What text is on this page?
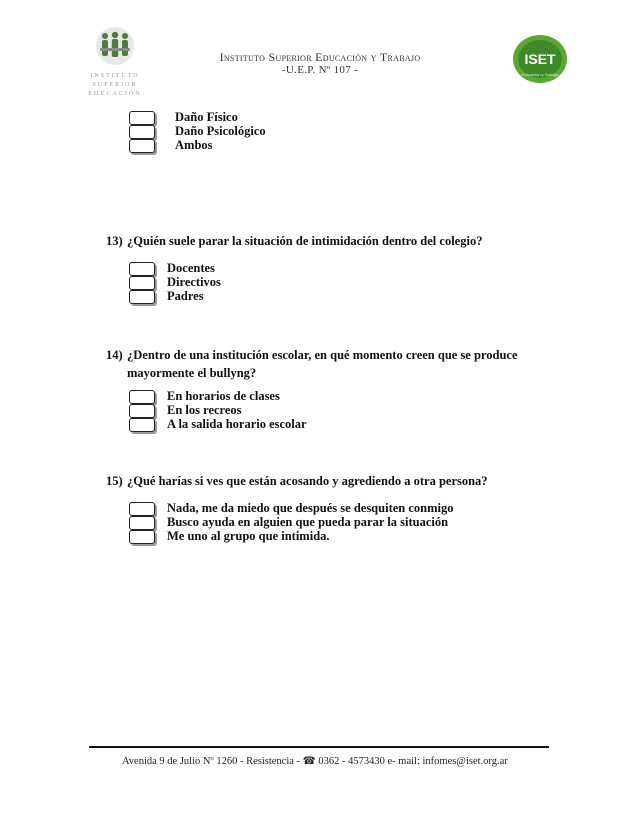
INSTITUTO
SUPERIOR
EDUCACIÓN
Instituto Superior Educación y Trabajo
-U.E.P. Nº 107 -
ISET
Educación y Trabajo
Daño Físico
Daño Psicológico
Ambos
13) ¿Quién suele parar la situación de intimidación dentro del colegio?
Docentes
Directivos
Padres
14) ¿Dentro de una institución escolar, en qué momento creen que se produce
mayormente el bullyng?
En horarios de clases
En los recreos
A la salida horario escolar
15) ¿Qué harías si ves que están acosando y agrediendo a otra persona?
Nada, me da miedo que después se desquiten conmigo
Busco ayuda en alguien que pueda parar la situación
Me uno al grupo que intimida.
Avenida 9 de Julio Nº 1260 - Resistencia - ☎ 0362 - 4573430 e- mail: infomes@iset.org.ar
